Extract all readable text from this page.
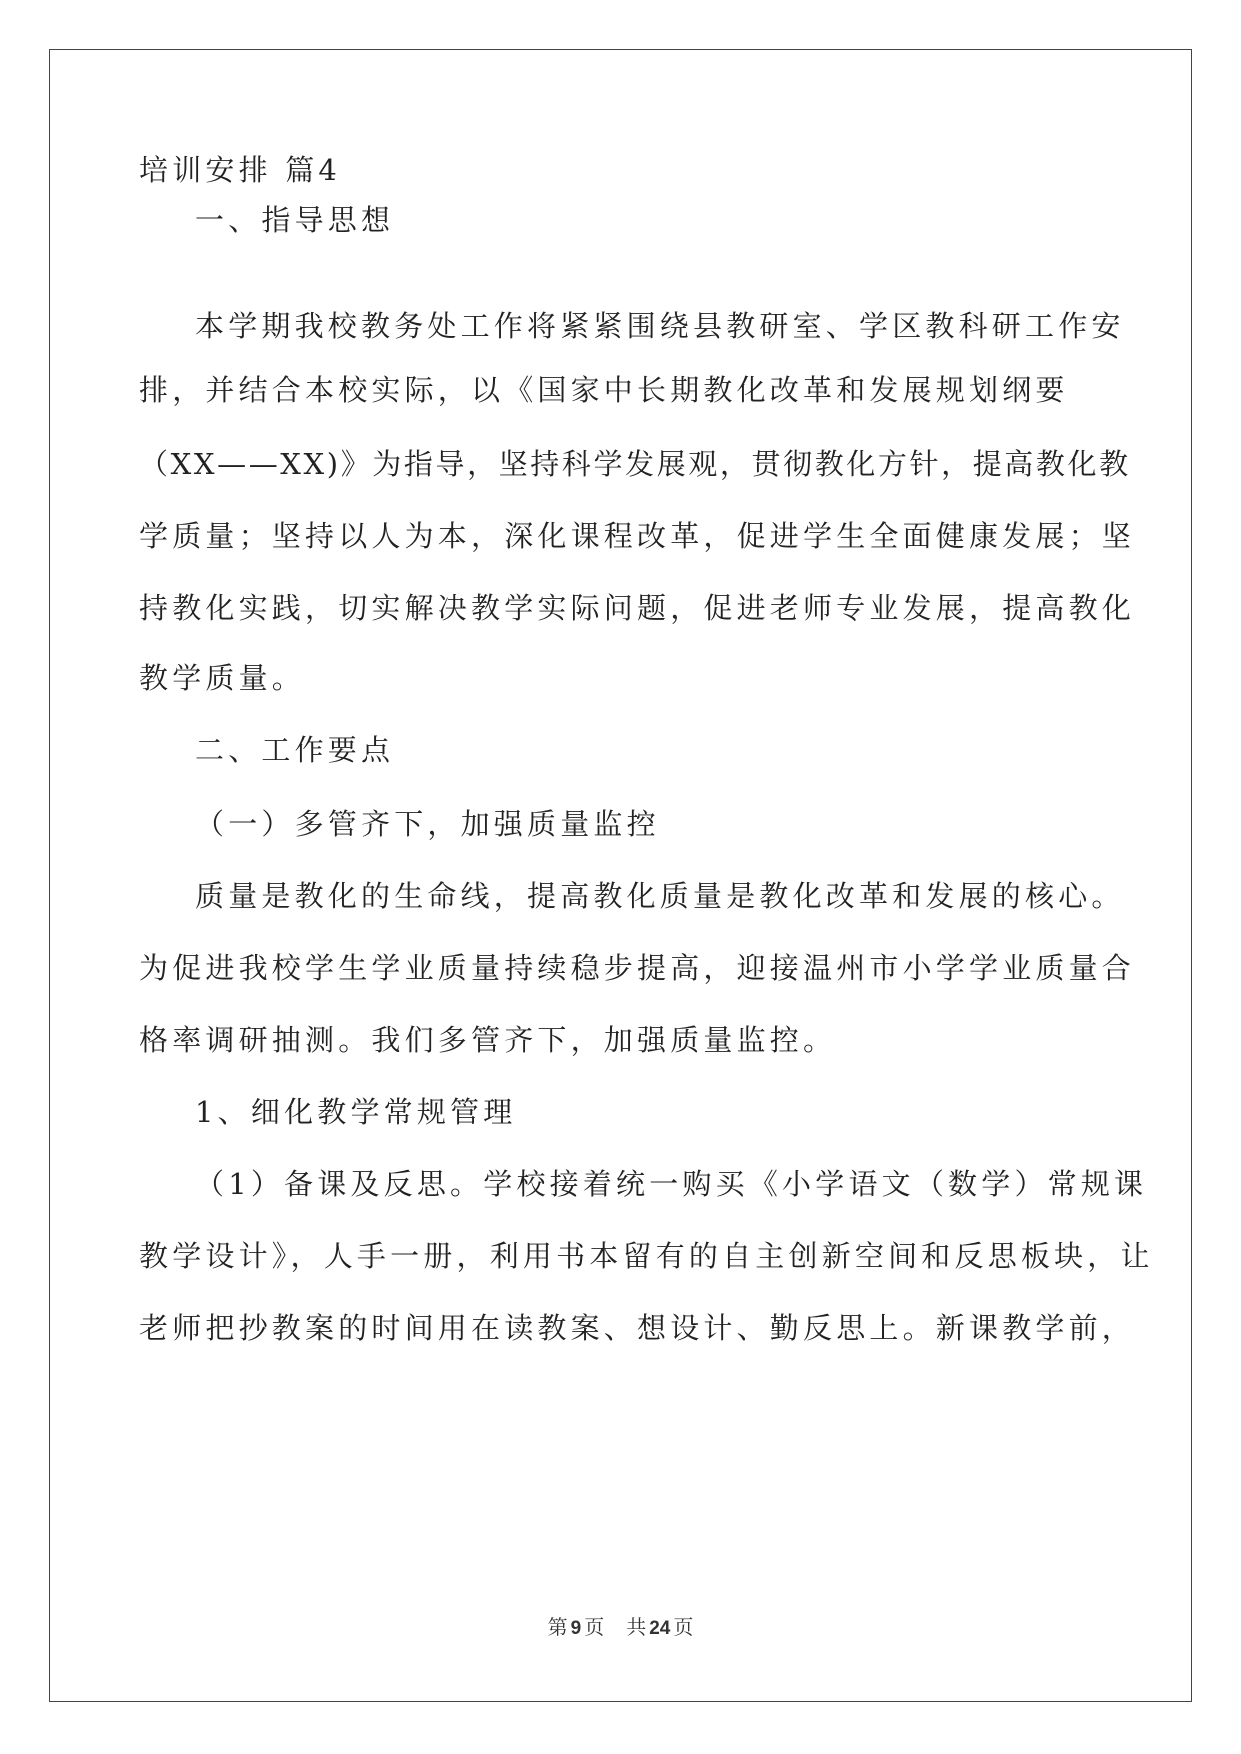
培训安排 篇4
一、指导思想
本学期我校教务处工作将紧紧围绕县教研室、学区教科研工作安
排，并结合本校实际，以《国家中长期教化改革和发展规划纲要
（XX——XX)》为指导，坚持科学发展观，贯彻教化方针，提高教化教
学质量；坚持以人为本，深化课程改革，促进学生全面健康发展；坚
持教化实践，切实解决教学实际问题，促进老师专业发展，提高教化
教学质量。
二、工作要点
（一）多管齐下，加强质量监控
质量是教化的生命线，提高教化质量是教化改革和发展的核心。
为促进我校学生学业质量持续稳步提高，迎接温州市小学学业质量合
格率调研抽测。我们多管齐下，加强质量监控。
1、细化教学常规管理
（1）备课及反思。学校接着统一购买《小学语文（数学）常规课
教学设计》，人手一册，利用书本留有的自主创新空间和反思板块，让
老师把抄教案的时间用在读教案、想设计、勤反思上。新课教学前，
第 9 页 共 24 页
